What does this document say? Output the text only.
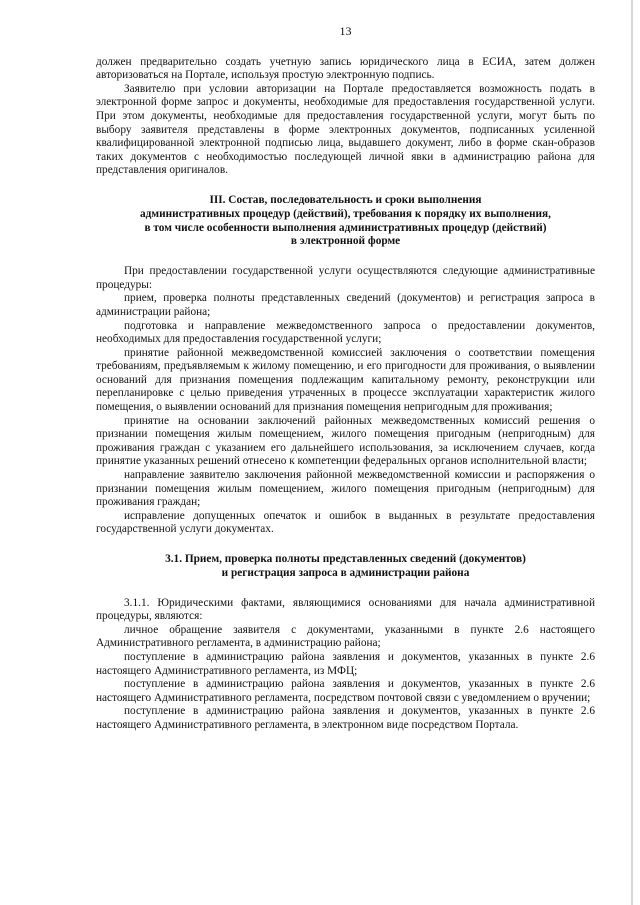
13

должен предварительно создать учетную запись юридического лица в ЕСИА, затем должен авторизоваться на Портале, используя простую электронную подпись.

Заявителю при условии авторизации на Портале предоставляется возможность подать в электронной форме запрос и документы, необходимые для предоставления государственной услуги. При этом документы, необходимые для предоставления государственной услуги, могут быть по выбору заявителя представлены в форме электронных документов, подписанных усиленной квалифицированной электронной подписью лица, выдавшего документ, либо в форме скан-образов таких документов с необходимостью последующей личной явки в администрацию района для представления оригиналов.

III. Состав, последовательность и сроки выполнения
административных процедур (действий), требования к порядку их выполнения,
в том числе особенности выполнения административных процедур (действий)
в электронной форме

При предоставлении государственной услуги осуществляются следующие административные процедуры:

прием, проверка полноты представленных сведений (документов) и регистрация запроса в администрации района;

подготовка и направление межведомственного запроса о предоставлении документов, необходимых для предоставления государственной услуги;

принятие районной межведомственной комиссией заключения о соответствии помещения требованиям, предъявляемым к жилому помещению, и его пригодности для проживания, о выявлении оснований для признания помещения подлежащим капитальному ремонту, реконструкции или перепланировке с целью приведения утраченных в процессе эксплуатации характеристик жилого помещения, о выявлении оснований для признания помещения непригодным для проживания;

принятие на основании заключений районных межведомственных комиссий решения о признании помещения жилым помещением, жилого помещения пригодным (непригодным) для проживания граждан с указанием его дальнейшего использования, за исключением случаев, когда принятие указанных решений отнесено к компетенции федеральных органов исполнительной власти;

направление заявителю заключения районной межведомственной комиссии и распоряжения о признании помещения жилым помещением, жилого помещения пригодным (непригодным) для проживания граждан;

исправление допущенных опечаток и ошибок в выданных в результате предоставления государственной услуги документах.

3.1. Прием, проверка полноты представленных сведений (документов)
и регистрация запроса в администрации района

3.1.1. Юридическими фактами, являющимися основаниями для начала административной процедуры, являются:

личное обращение заявителя с документами, указанными в пункте 2.6 настоящего Административного регламента, в администрацию района;

поступление в администрацию района заявления и документов, указанных в пункте 2.6 настоящего Административного регламента, из МФЦ;

поступление в администрацию района заявления и документов, указанных в пункте 2.6 настоящего Административного регламента, посредством почтовой связи с уведомлением о вручении;

поступление в администрацию района заявления и документов, указанных в пункте 2.6 настоящего Административного регламента, в электронном виде посредством Портала.
